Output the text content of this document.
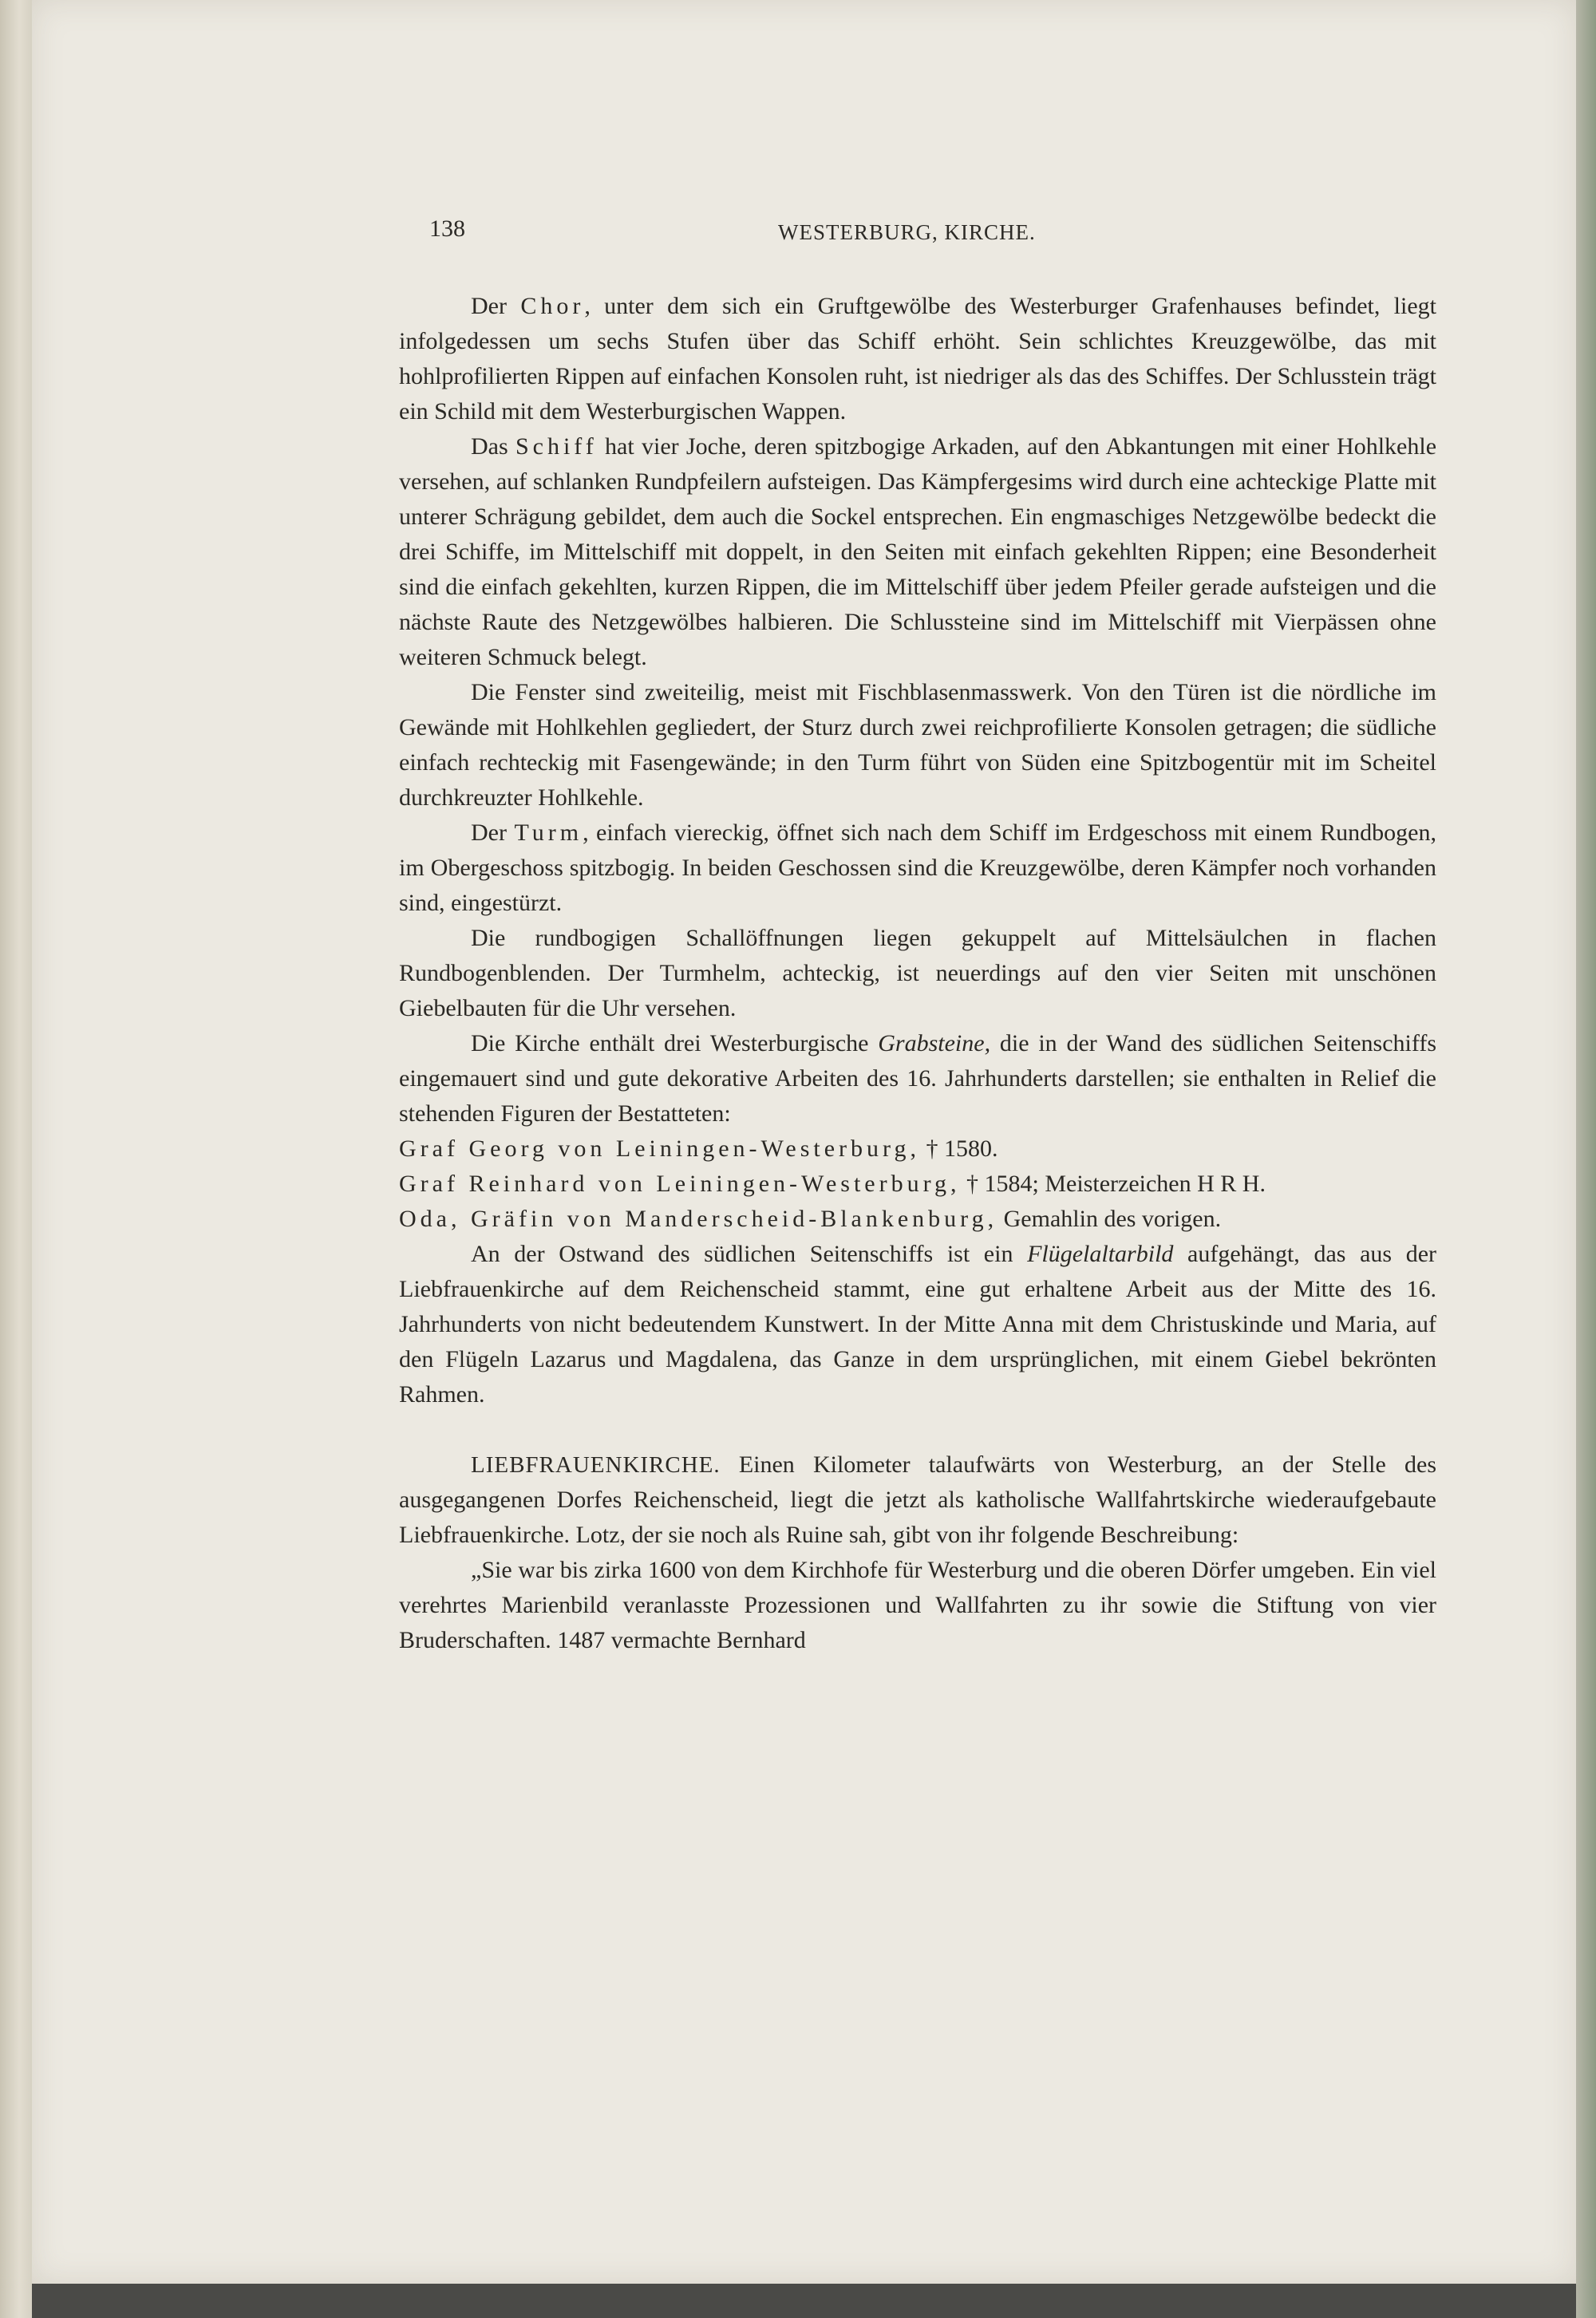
138	WESTERBURG, KIRCHE.

Der Chor, unter dem sich ein Gruftgewölbe des Westerburger Grafenhauses befindet, liegt infolgedessen um sechs Stufen über das Schiff erhöht. Sein schlichtes Kreuzgewölbe, das mit hohlprofilierten Rippen auf einfachen Konsolen ruht, ist niedriger als das des Schiffes. Der Schlusstein trägt ein Schild mit dem Westerburgischen Wappen.

Das Schiff hat vier Joche, deren spitzbogige Arkaden, auf den Abkantungen mit einer Hohlkehle versehen, auf schlanken Rundpfeilern aufsteigen. Das Kämpfergesims wird durch eine achteckige Platte mit unterer Schrägung gebildet, dem auch die Sockel entsprechen. Ein engmaschiges Netzgewölbe bedeckt die drei Schiffe, im Mittelschiff mit doppelt, in den Seiten mit einfach gekehlten Rippen; eine Besonderheit sind die einfach gekehlten, kurzen Rippen, die im Mittelschiff über jedem Pfeiler gerade aufsteigen und die nächste Raute des Netzgewölbes halbieren. Die Schlussteine sind im Mittelschiff mit Vierpässen ohne weiteren Schmuck belegt.

Die Fenster sind zweiteilig, meist mit Fischblasenmasswerk. Von den Türen ist die nördliche im Gewände mit Hohlkehlen gegliedert, der Sturz durch zwei reichprofilierte Konsolen getragen; die südliche einfach rechteckig mit Fasengewände; in den Turm führt von Süden eine Spitzbogentür mit im Scheitel durchkreuzter Hohlkehle.

Der Turm, einfach viereckig, öffnet sich nach dem Schiff im Erdgeschoss mit einem Rundbogen, im Obergeschoss spitzbogig. In beiden Geschossen sind die Kreuzgewölbe, deren Kämpfer noch vorhanden sind, eingestürzt.

Die rundbogigen Schallöffnungen liegen gekuppelt auf Mittelsäulchen in flachen Rundbogenblenden. Der Turmhelm, achteckig, ist neuerdings auf den vier Seiten mit unschönen Giebelbauten für die Uhr versehen.

Die Kirche enthält drei Westerburgische Grabsteine, die in der Wand des südlichen Seitenschiffs eingemauert sind und gute dekorative Arbeiten des 16. Jahrhunderts darstellen; sie enthalten in Relief die stehenden Figuren der Bestatteten:

Graf Georg von Leiningen-Westerburg, † 1580.
Graf Reinhard von Leiningen-Westerburg, † 1584; Meisterzeichen H R H.
Oda, Gräfin von Manderscheid-Blankenburg, Gemahlin des vorigen.

An der Ostwand des südlichen Seitenschiffs ist ein Flügelaltarbild aufgehängt, das aus der Liebfrauenkirche auf dem Reichenscheid stammt, eine gut erhaltene Arbeit aus der Mitte des 16. Jahrhunderts von nicht bedeutendem Kunstwert. In der Mitte Anna mit dem Christuskinde und Maria, auf den Flügeln Lazarus und Magdalena, das Ganze in dem ursprünglichen, mit einem Giebel bekrönten Rahmen.

LIEBFRAUENKIRCHE. Einen Kilometer talaufwärts von Westerburg, an der Stelle des ausgegangenen Dorfes Reichenscheid, liegt die jetzt als katholische Wallfahrtskirche wiederaufgebaute Liebfrauenkirche. Lotz, der sie noch als Ruine sah, gibt von ihr folgende Beschreibung:

„Sie war bis zirka 1600 von dem Kirchhofe für Westerburg und die oberen Dörfer umgeben. Ein viel verehrtes Marienbild veranlasste Prozessionen und Wallfahrten zu ihr sowie die Stiftung von vier Bruderschaften. 1487 vermachte Bernhard
